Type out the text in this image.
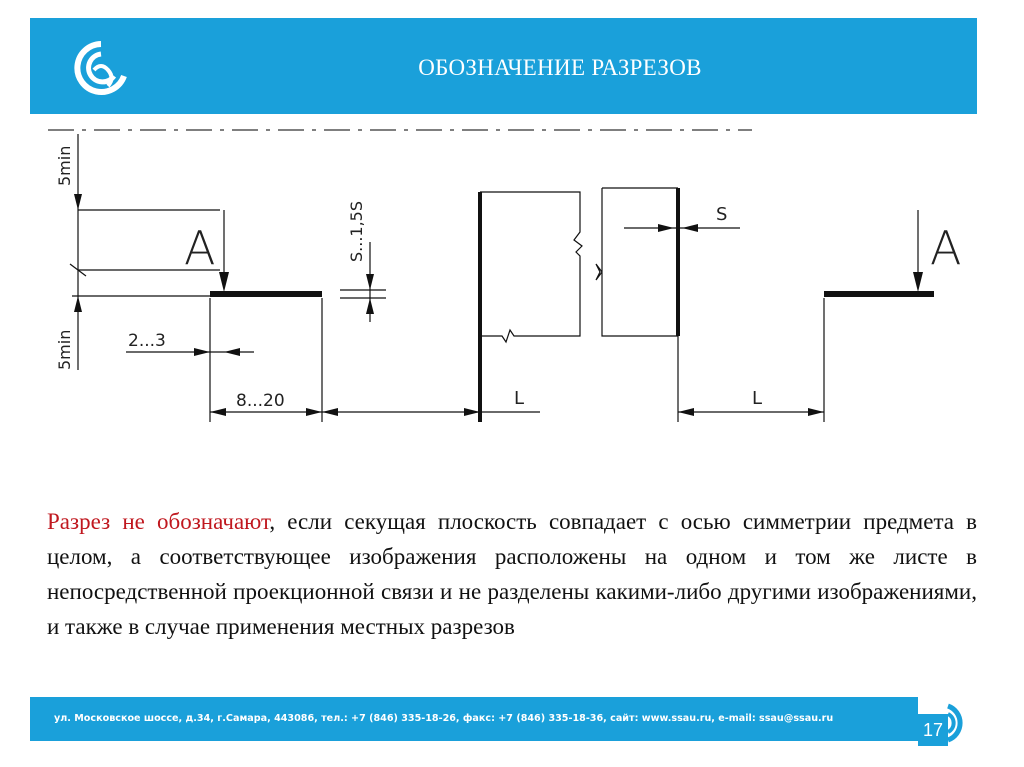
ОБОЗНАЧЕНИЕ РАЗРЕЗОВ
A	A
5min
5min
S...1,5S
2...3
8...20	L	L
S

Разрез не обозначают, если секущая плоскость совпадает с осью симметрии предмета в целом, а соответствующее изображения расположены на одном и том же листе в непосредственной проекционной связи и не разделены какими-либо другими изображениями, и также в случае применения местных разрезов

ул. Московское шоссе, д.34, г.Самара, 443086, тел.: +7 (846) 335-18-26, факс: +7 (846) 335-18-36, сайт: www.ssau.ru, e-mail: ssau@ssau.ru
17
